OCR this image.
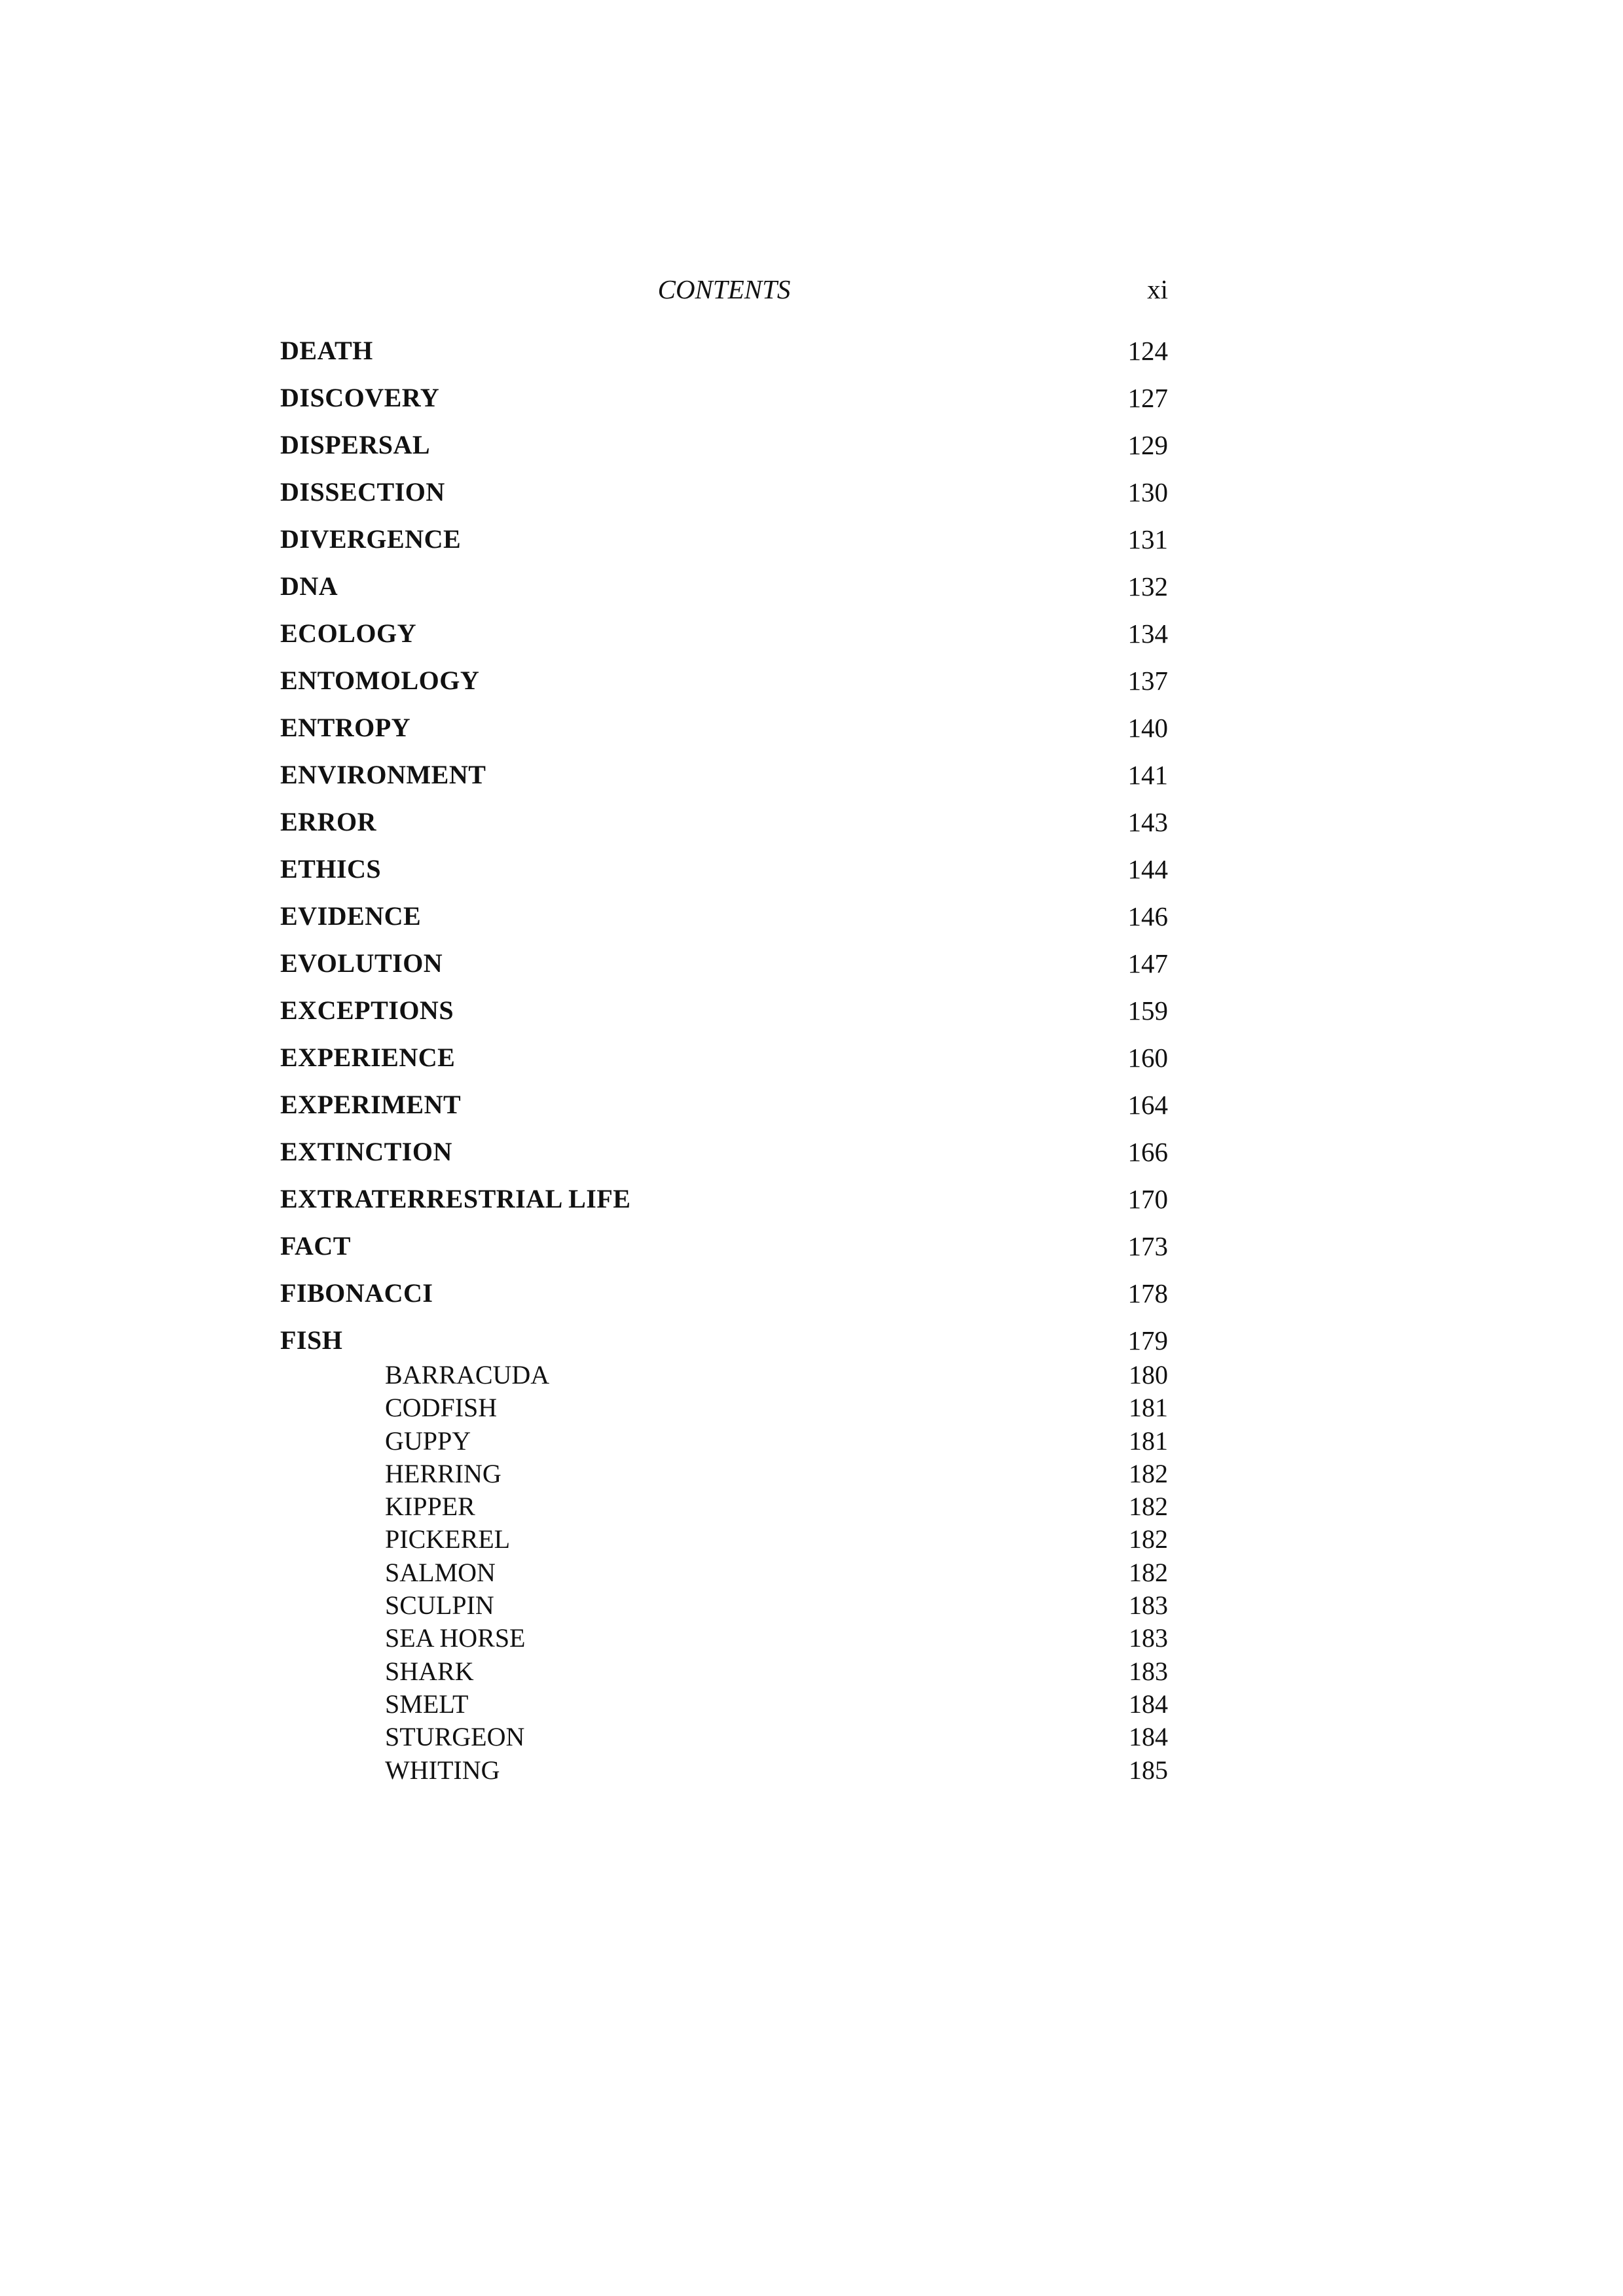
CONTENTS	xi
DEATH	124
DISCOVERY	127
DISPERSAL	129
DISSECTION	130
DIVERGENCE	131
DNA	132
ECOLOGY	134
ENTOMOLOGY	137
ENTROPY	140
ENVIRONMENT	141
ERROR	143
ETHICS	144
EVIDENCE	146
EVOLUTION	147
EXCEPTIONS	159
EXPERIENCE	160
EXPERIMENT	164
EXTINCTION	166
EXTRATERRESTRIAL LIFE	170
FACT	173
FIBONACCI	178
FISH	179
BARRACUDA	180
CODFISH	181
GUPPY	181
HERRING	182
KIPPER	182
PICKEREL	182
SALMON	182
SCULPIN	183
SEA HORSE	183
SHARK	183
SMELT	184
STURGEON	184
WHITING	185
